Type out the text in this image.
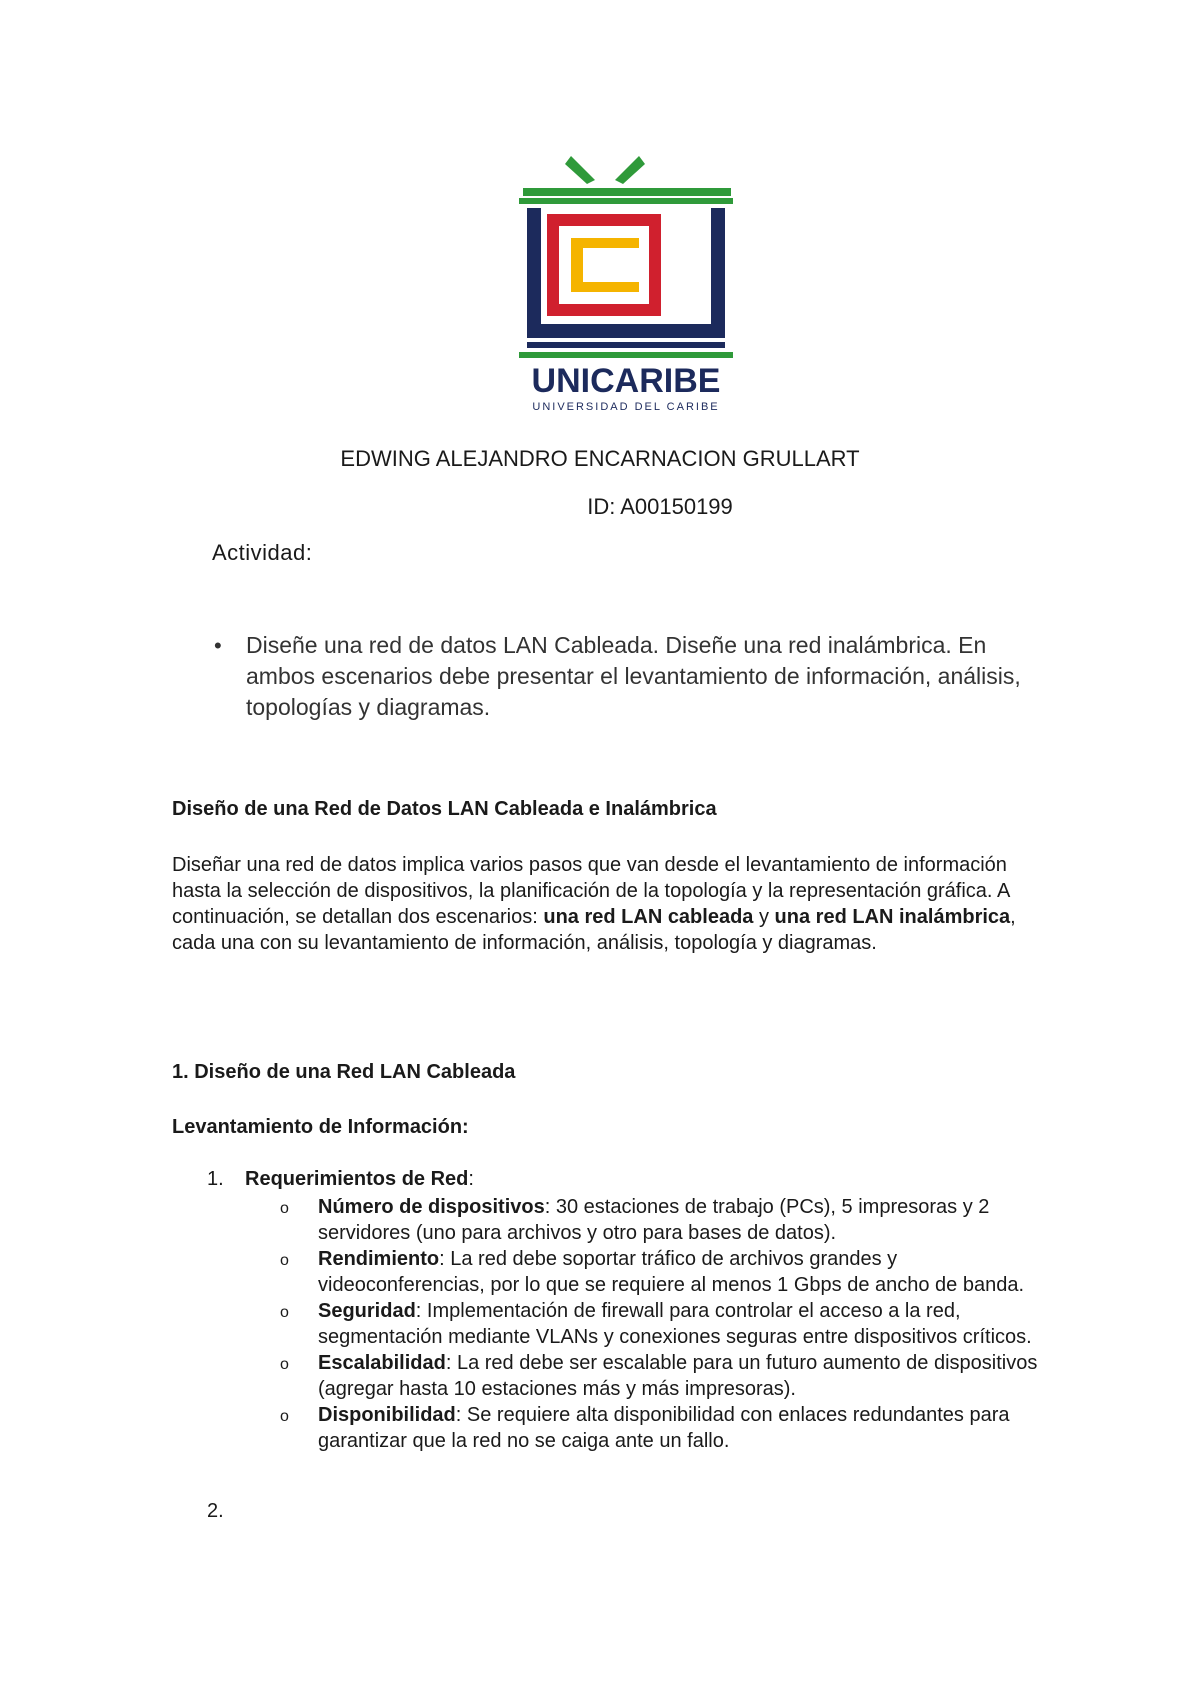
UNICARIBE
UNIVERSIDAD DEL CARIBE
EDWING ALEJANDRO ENCARNACION GRULLART
ID: A00150199
Actividad:
• Diseñe una red de datos LAN Cableada. Diseñe una red inalámbrica. En ambos escenarios debe presentar el levantamiento de información, análisis, topologías y diagramas.
Diseño de una Red de Datos LAN Cableada e Inalámbrica
Diseñar una red de datos implica varios pasos que van desde el levantamiento de información hasta la selección de dispositivos, la planificación de la topología y la representación gráfica. A continuación, se detallan dos escenarios: una red LAN cableada y una red LAN inalámbrica, cada una con su levantamiento de información, análisis, topología y diagramas.
1. Diseño de una Red LAN Cableada
Levantamiento de Información:
1. Requerimientos de Red:
o Número de dispositivos: 30 estaciones de trabajo (PCs), 5 impresoras y 2 servidores (uno para archivos y otro para bases de datos).
o Rendimiento: La red debe soportar tráfico de archivos grandes y videoconferencias, por lo que se requiere al menos 1 Gbps de ancho de banda.
o Seguridad: Implementación de firewall para controlar el acceso a la red, segmentación mediante VLANs y conexiones seguras entre dispositivos críticos.
o Escalabilidad: La red debe ser escalable para un futuro aumento de dispositivos (agregar hasta 10 estaciones más y más impresoras).
o Disponibilidad: Se requiere alta disponibilidad con enlaces redundantes para garantizar que la red no se caiga ante un fallo.
2.
